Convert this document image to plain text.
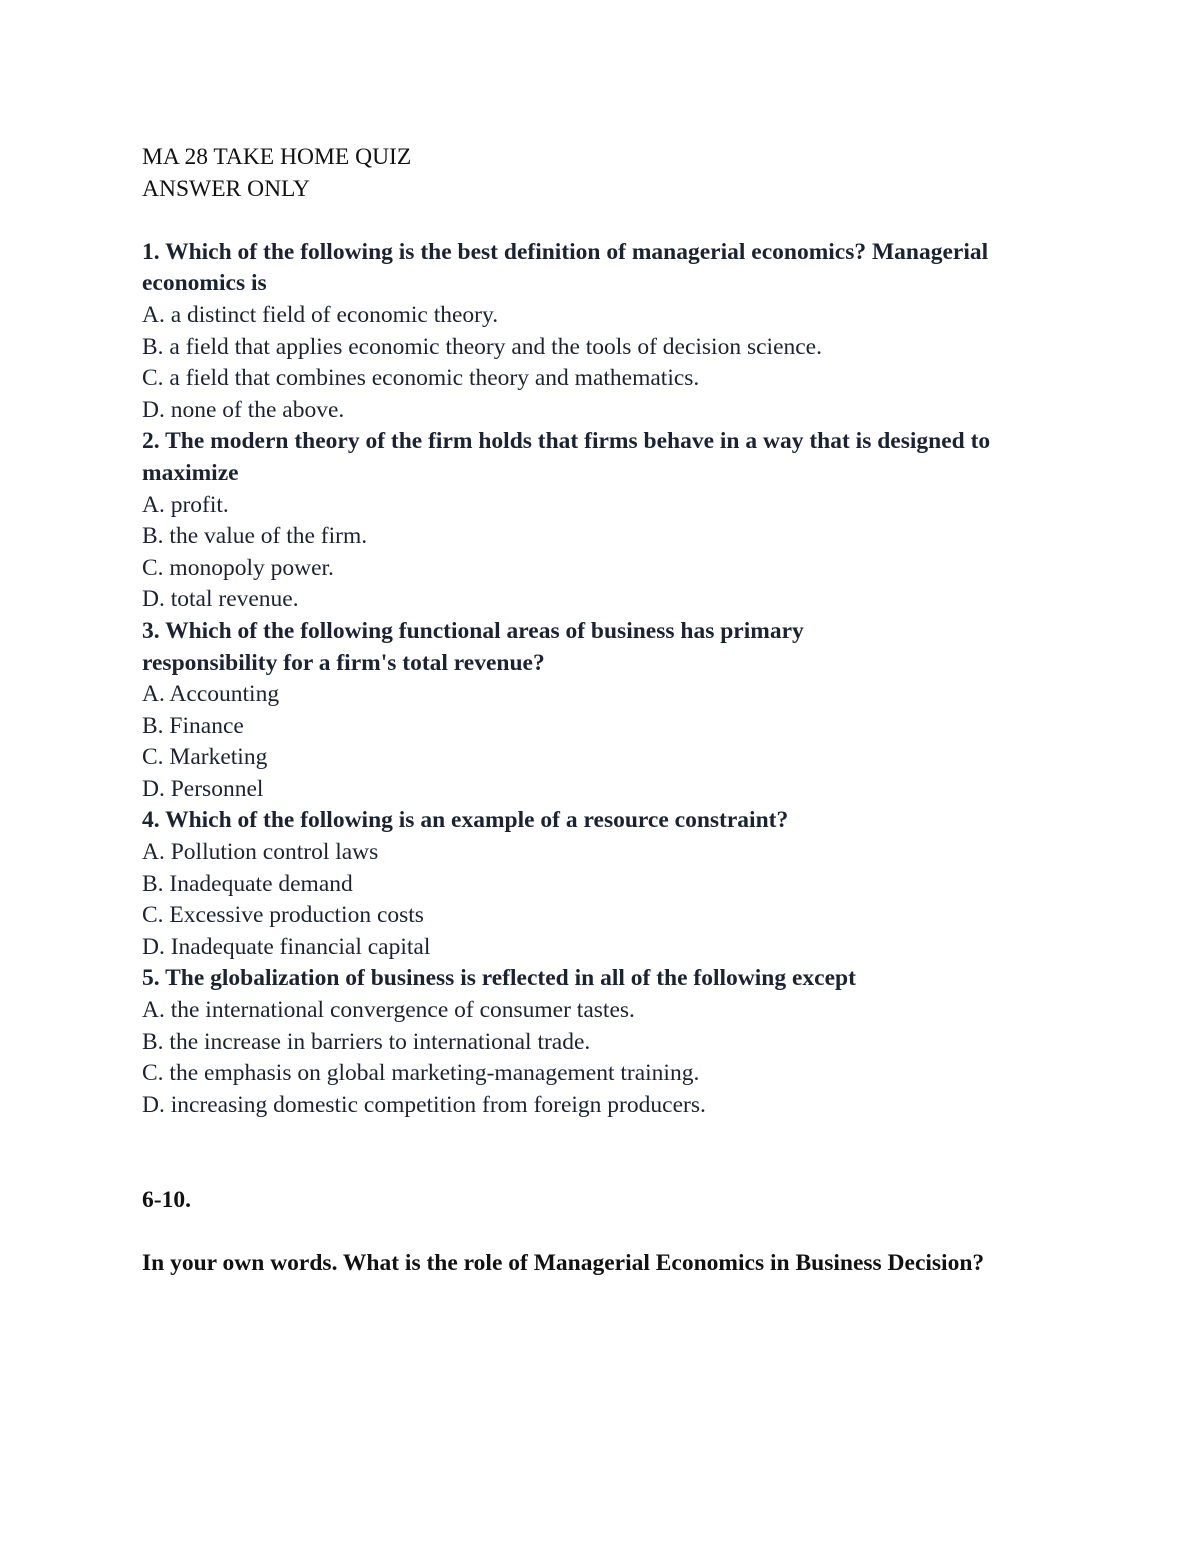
MA 28 TAKE HOME QUIZ
ANSWER ONLY
1. Which of the following is the best definition of managerial economics? Managerial economics is
A. a distinct field of economic theory.
B. a field that applies economic theory and the tools of decision science.
C. a field that combines economic theory and mathematics.
D. none of the above.
2. The modern theory of the firm holds that firms behave in a way that is designed to maximize
A. profit.
B. the value of the firm.
C. monopoly power.
D. total revenue.
3. Which of the following functional areas of business has primary responsibility for a firm's total revenue?
A. Accounting
B. Finance
C. Marketing
D. Personnel
4. Which of the following is an example of a resource constraint?
A. Pollution control laws
B. Inadequate demand
C. Excessive production costs
D. Inadequate financial capital
5. The globalization of business is reflected in all of the following except
A. the international convergence of consumer tastes.
B. the increase in barriers to international trade.
C. the emphasis on global marketing-management training.
D. increasing domestic competition from foreign producers.
6-10.
In your own words. What is the role of Managerial Economics in Business Decision?
